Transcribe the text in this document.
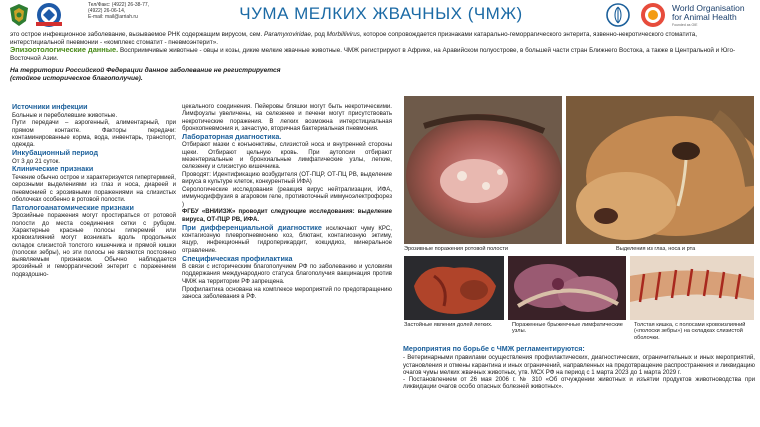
Тел/Факс: (4922) 26-38-77,
(4922) 26-06-14,
E-mail: mail@arriah.ru	ЧУМА МЕЛКИХ ЖВАЧНЫХ (ЧМЖ)	World Organisation
for Animal Health
Founded as OIE
это острое инфекционное заболевание, вызываемое РНК содержащим вирусом, сем. Paramyxoviridae, род Morbillivirus, которое сопровождается признаками катарально-геморрагического энтерита, язвенно-некротического стоматита, интерстициальной пневмонии - «комплекс стоматит - пневмоэнтерит».
Эпизоотологические данные. Восприимчивые животные - овцы и козы, дикие мелкие жвачные животные. ЧМЖ регистрируют в Африке, на Аравийском полуострове, в большей части стран Ближнего Востока, а также в Центральной и Юго-Восточной Азии.
На территории Российской Федерации данное заболевание не регистрируется
(стойкое историческое благополучие).
Источники инфекции

Больные и переболевшие животные.

Пути передачи – аэрогенный, алиментарный, при прямом контакте. Факторы передачи: контаминированные корма, вода, инвентарь, транспорт, одежда.

Инкубационный период

От 3 до 21 суток.

Клинические признаки

Течение обычно острое и характеризуется гипертермией, серозными выделениями из глаз и носа, диареей и пневмонией с эрозивными поражениями на слизистых оболочках особенно в ротовой полости.

Патологоанатомические признаки

Эрозийные поражения могут простираться от ротовой полости до места соединения сетки с рубцом. Характерные красные полосы гиперемий или кровоизлияний могут возникать вдоль продольных складок слизистой толстого кишечника и прямой кишки (полоски зебры), но эти полосы не являются постоянно выявляемым признаком. Обычно наблюдается эрозийный и геморрагический энтерит с поражением подвздошно-

цекального соединения. Пейеровы бляшки могут быть некротическими. Лимфоузлы увеличены, на селезенке и печени могут присутствовать некротические поражения. В легких возможна интерстициальная бронхопневмония и, зачастую, вторичная бактериальная пневмония.

Лабораторная диагностика.

Отбирают мазки с конъюнктивы, слизистой носа и внутренней стороны щеки. Отбирают цельную кровь. При аутопсии отбирают мезентериальные и бронхиальные лимфатические узлы, легкие, селезенку и слизистую кишечника.

Проводят: Идентификацию возбудителя (ОТ-ПЦР, ОТ-ПЦ РВ, выделение вируса в культуре клеток, конкурентный ИФА)

Серологические исследования (реакция вирус нейтрализации, ИФА, иммунодиффузия в агаровом геле, противоточный иммуноэлектрофорез )

ФГБУ «ВНИИЗЖ» проводит следующие исследования: выделение вируса, ОТ-ПЦР РВ, ИФА.

При дифференциальной диагностике исключают чуму КРС, контагиозную плевропневмонию коз, блютанг, контагиозную эктиму, ящур, инфекционный гидроперикардит, кокцидиоз, минеральное отравление.

Специфическая профилактика

В связи с историческим благополучием РФ по заболеванию и условиям поддержания международного статуса благополучия вакцинация против ЧМЖ на территории РФ запрещена.

Профилактика основана на комплексе мероприятий по предотвращению заноса заболевания в РФ.

Эрозивные поражения ротовой полости	Выделения из глаз, носа и рта
Застойные явления долей легких.	Пораженные брыжеечные лимфатические узлы.
Толстая кишка, с полосами кровоизлияний («полоски зебры») на складках слизистой оболочки.
Мероприятия по борьбе с ЧМЖ регламентируются:

- Ветеринарными правилами осуществления профилактических, диагностических, ограничительных и иных мероприятий, установления и отмены карантина и иных ограничений, направленных на предотвращение распространения и ликвидацию очагов чумы мелких жвачных животных, утв. МСХ РФ на период с 1 марта 2023 до 1 марта 2029 г.

- Постановлением от 26 мая 2006 г. № 310 «Об отчуждении животных и изъятии продуктов животноводства при ликвидации очагов особо опасных болезней животных».
